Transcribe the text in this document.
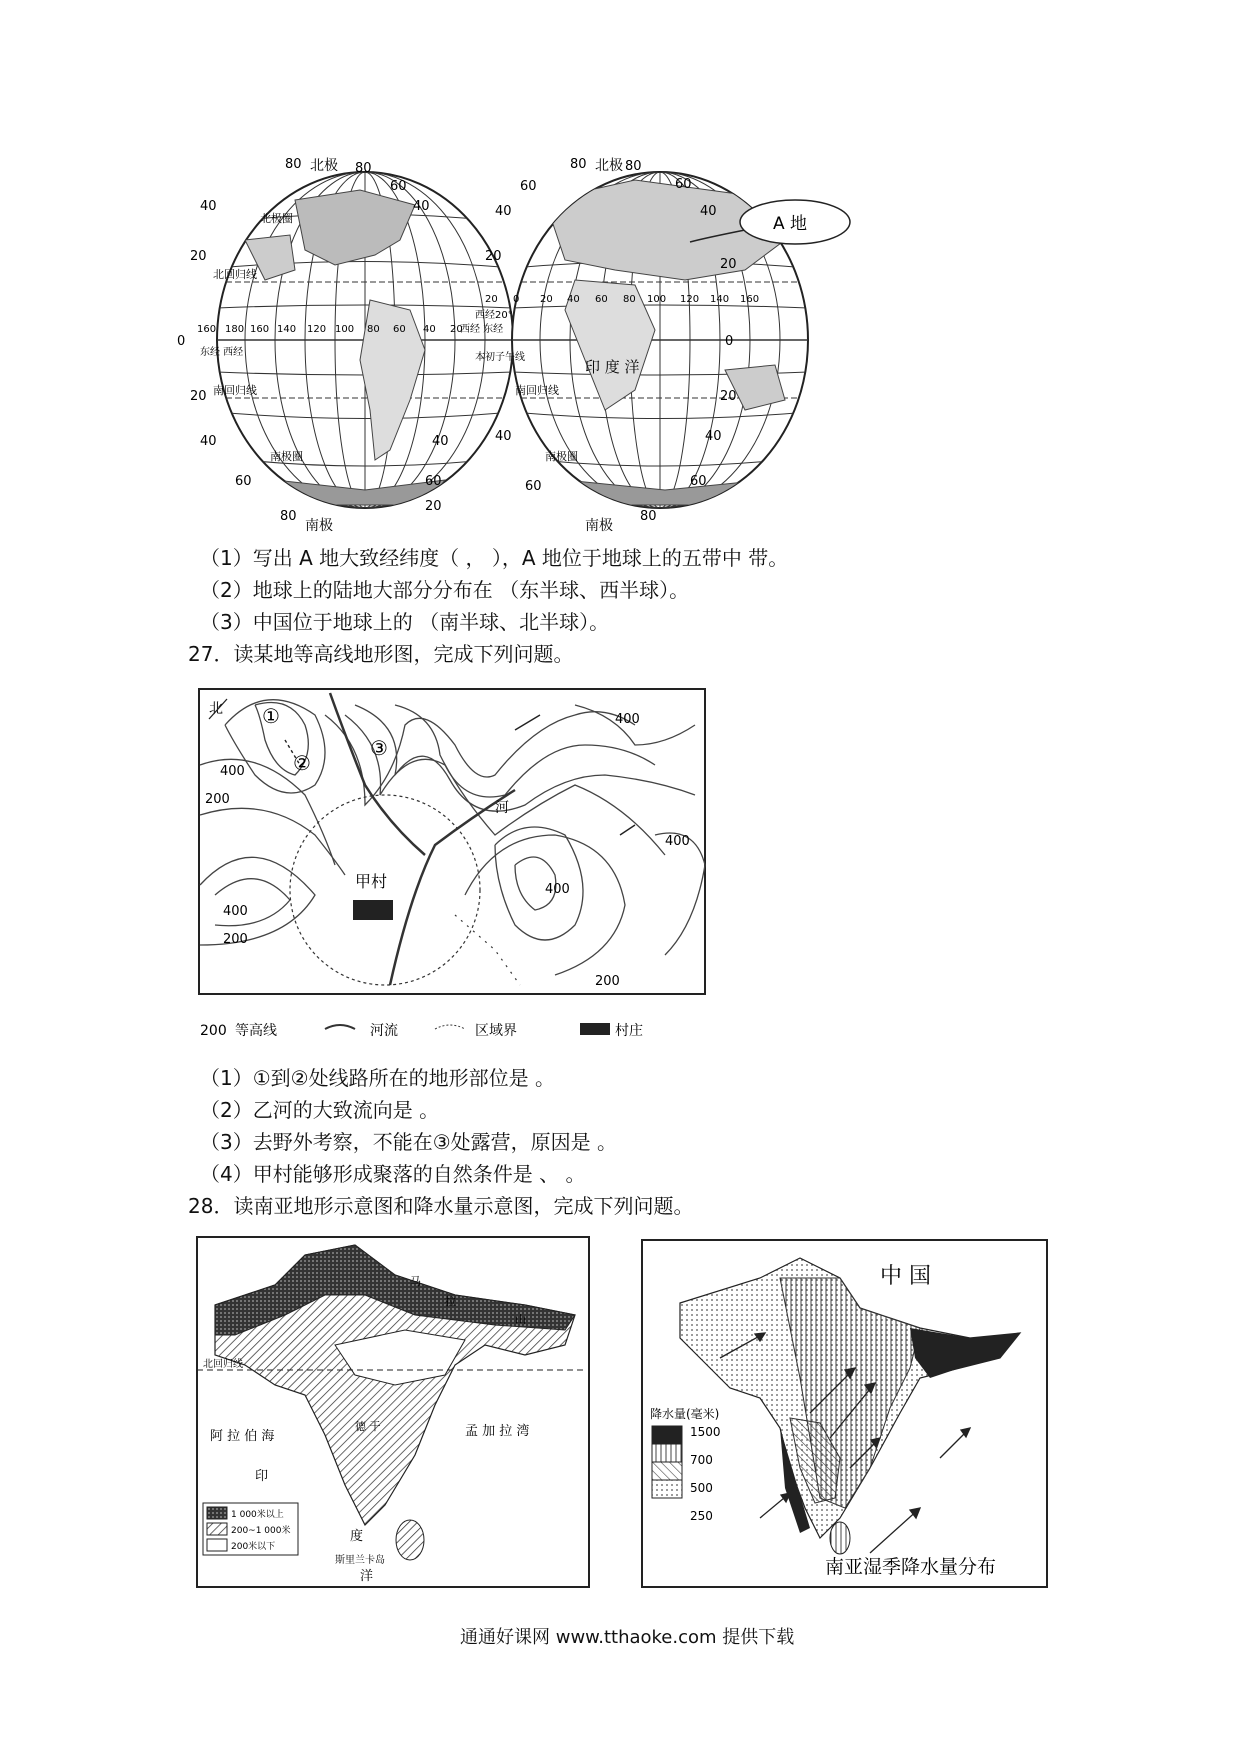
北极
80	80
40
20
0
20
40
60
80
南极
60
40
20
60
40
160 180 160 140 120 100 80 60 40 20
东经 西经
北回归线
南回归线
南极圈
北极圈
北极
80	80
60
40
20
60
40
20
0
20
40
40
60	60
80
南极
20 0 20 40 60 80 100 120 140 160
西经 东经
本初子午线
西经20°
印 度 洋
南回归线
南极圈
A 地
（1）写出 A 地大致经纬度（ ， ），A 地位于地球上的五带中 带。
（2）地球上的陆地大部分分布在 （东半球、西半球）。
（3）中国位于地球上的 （南半球、北半球）。
27．读某地等高线地形图，完成下列问题。
北 ①
②
③
400
200
400
200
400
400
400
200
甲村
河
200 等高线	河流	区域界	村庄
（1）①到②处线路所在的地形部位是 。
（2）乙河的大致流向是 。
（3）去野外考察，不能在③处露营，原因是 。
（4）甲村能够形成聚落的自然条件是 、 。
28．读南亚地形示意图和降水量示意图，完成下列问题。
北回归线
阿 拉 伯 海	孟 加 拉 湾
印
度
洋
斯里兰卡岛
马
拉
山
德 干
1 000米以上
200~1 000米
200米以下
中 国
降水量(毫米)
1500
700
500
250
南亚湿季降水量分布
通通好课网 www.tthaoke.com 提供下载
